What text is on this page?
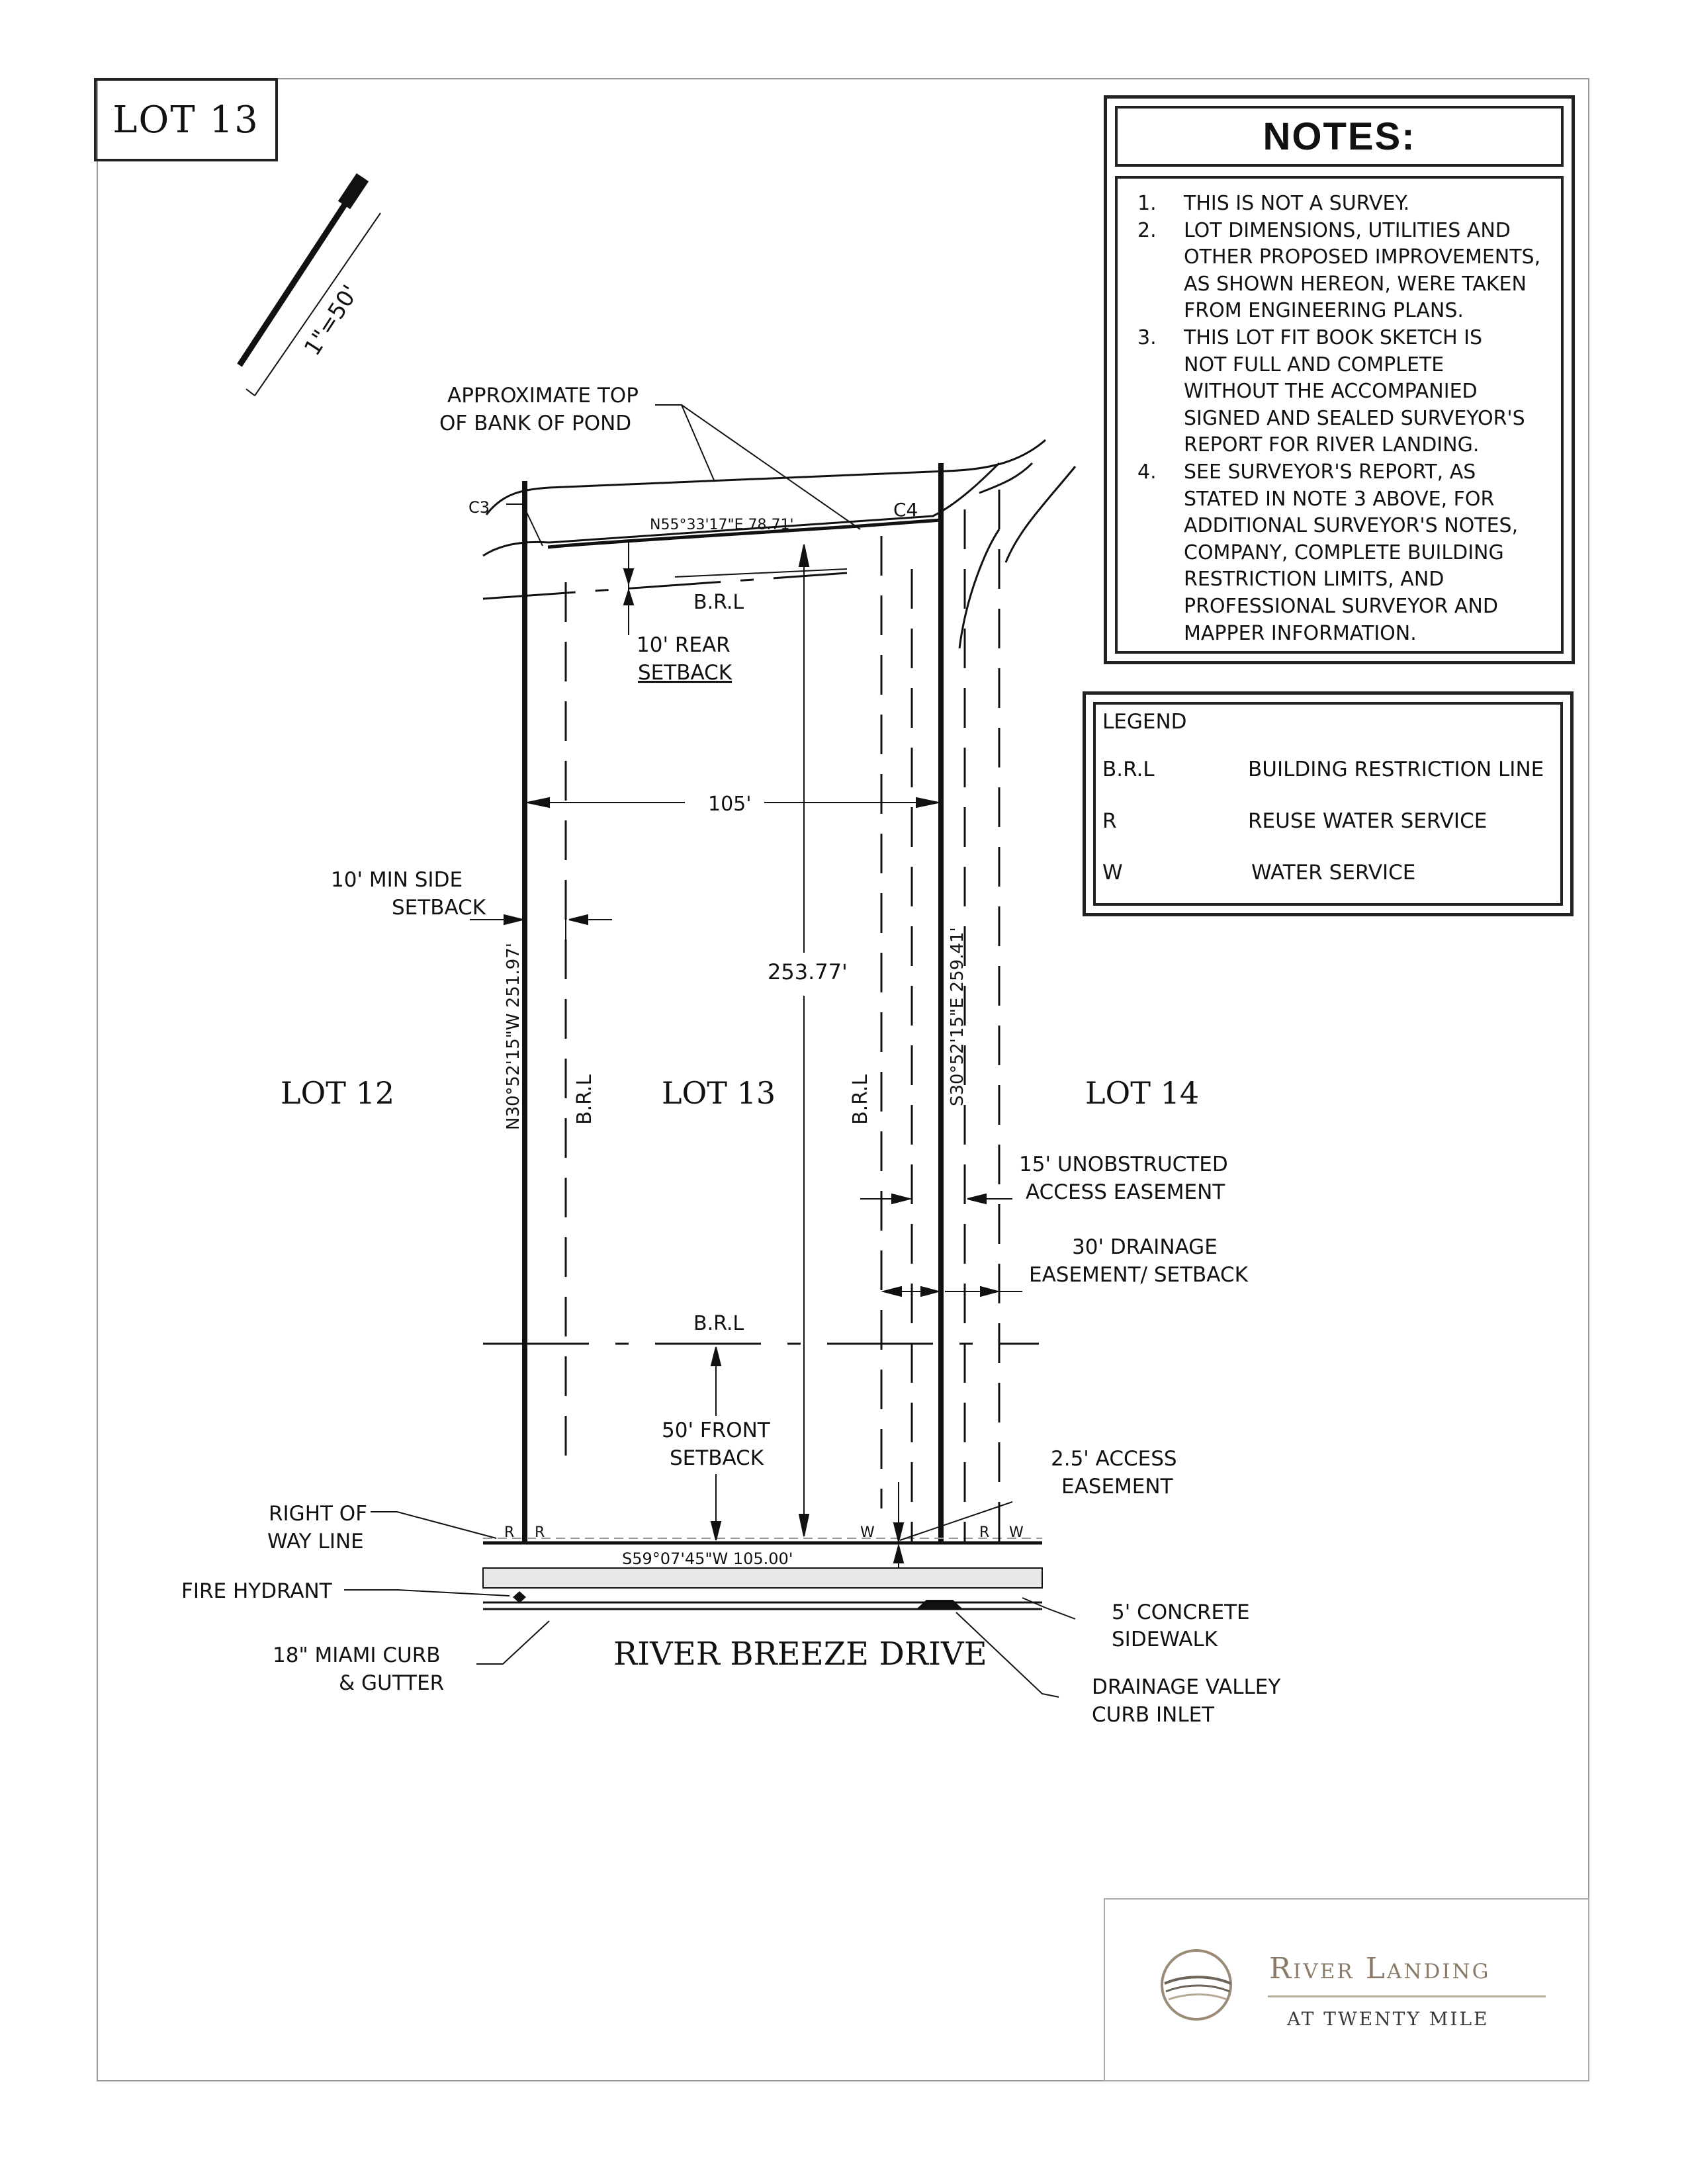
LOT 13
1"=50'
105'
253.77'
R R	W	R W
APPROXIMATE TOP
OF BANK OF POND
C3	C4
N55°33'17"E 78.71'
B.R.L
10' REAR
SETBACK
10' MIN SIDE
SETBACK
N30°52'15"W 251.97'	S30°52'15"E 259.41'
B.R.L	B.R.L
LOT 12	LOT 13	LOT 14
15' UNOBSTRUCTED
ACCESS EASEMENT
30' DRAINAGE
EASEMENT/ SETBACK
B.R.L
50' FRONT
SETBACK	2.5' ACCESS
EASEMENT
RIGHT OF
WAY LINE
S59°07'45"W 105.00'
FIRE HYDRANT
18" MIAMI CURB
& GUTTER
RIVER BREEZE DRIVE
5' CONCRETE
SIDEWALK
DRAINAGE VALLEY
CURB INLET
NOTES:
1.	THIS IS NOT A SURVEY.
2.	LOT DIMENSIONS, UTILITIES AND
OTHER PROPOSED IMPROVEMENTS,
AS SHOWN HEREON, WERE TAKEN
FROM ENGINEERING PLANS.
3.	THIS LOT FIT BOOK SKETCH IS
NOT FULL AND COMPLETE
WITHOUT THE ACCOMPANIED
SIGNED AND SEALED SURVEYOR'S
REPORT FOR RIVER LANDING.
4.	SEE SURVEYOR'S REPORT, AS
STATED IN NOTE 3 ABOVE, FOR
ADDITIONAL SURVEYOR'S NOTES,
COMPANY, COMPLETE BUILDING
RESTRICTION LIMITS, AND
PROFESSIONAL SURVEYOR AND
MAPPER INFORMATION.
LEGEND
B.R.L	BUILDING RESTRICTION LINE
R	REUSE WATER SERVICE
W	WATER SERVICE
River Landing
AT TWENTY MILE
